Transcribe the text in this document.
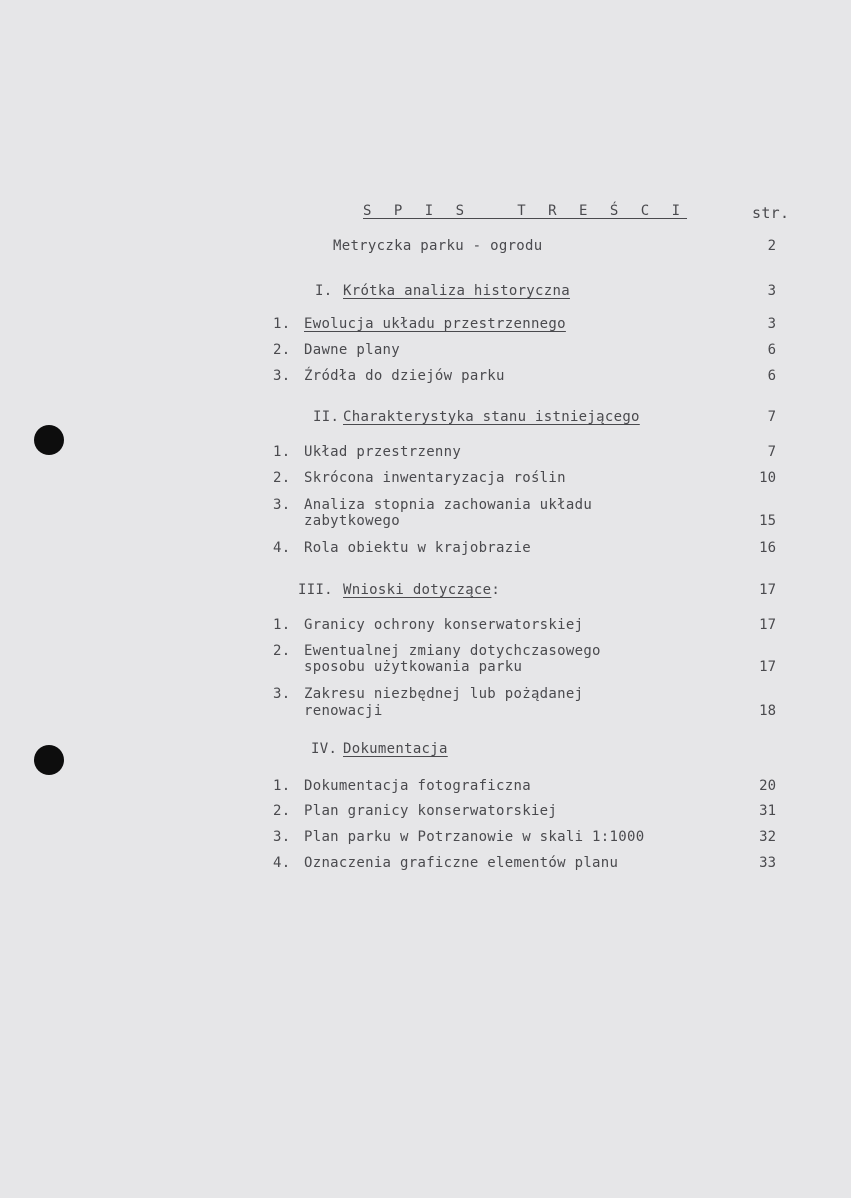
S P I S   T R E Ś C I	str.
Metryczka parku - ogrodu	2
I. Krótka analiza historyczna	3
1. Ewolucja układu przestrzennego	3
2. Dawne plany	6
3. Źródła do dziejów parku	6
II. Charakterystyka stanu istniejącego	7
1. Układ przestrzenny	7
2. Skrócona inwentaryzacja roślin	10
3. Analiza stopnia zachowania układu
zabytkowego	15
4. Rola obiektu w krajobrazie	16
III. Wnioski dotyczące:	17
1. Granicy ochrony konserwatorskiej	17
2. Ewentualnej zmiany dotychczasowego
sposobu użytkowania parku	17
3. Zakresu niezbędnej lub pożądanej
renowacji	18
IV. Dokumentacja
1. Dokumentacja fotograficzna	20
2. Plan granicy konserwatorskiej	31
3. Plan parku w Potrzanowie w skali 1:1000	32
4. Oznaczenia graficzne elementów planu	33
